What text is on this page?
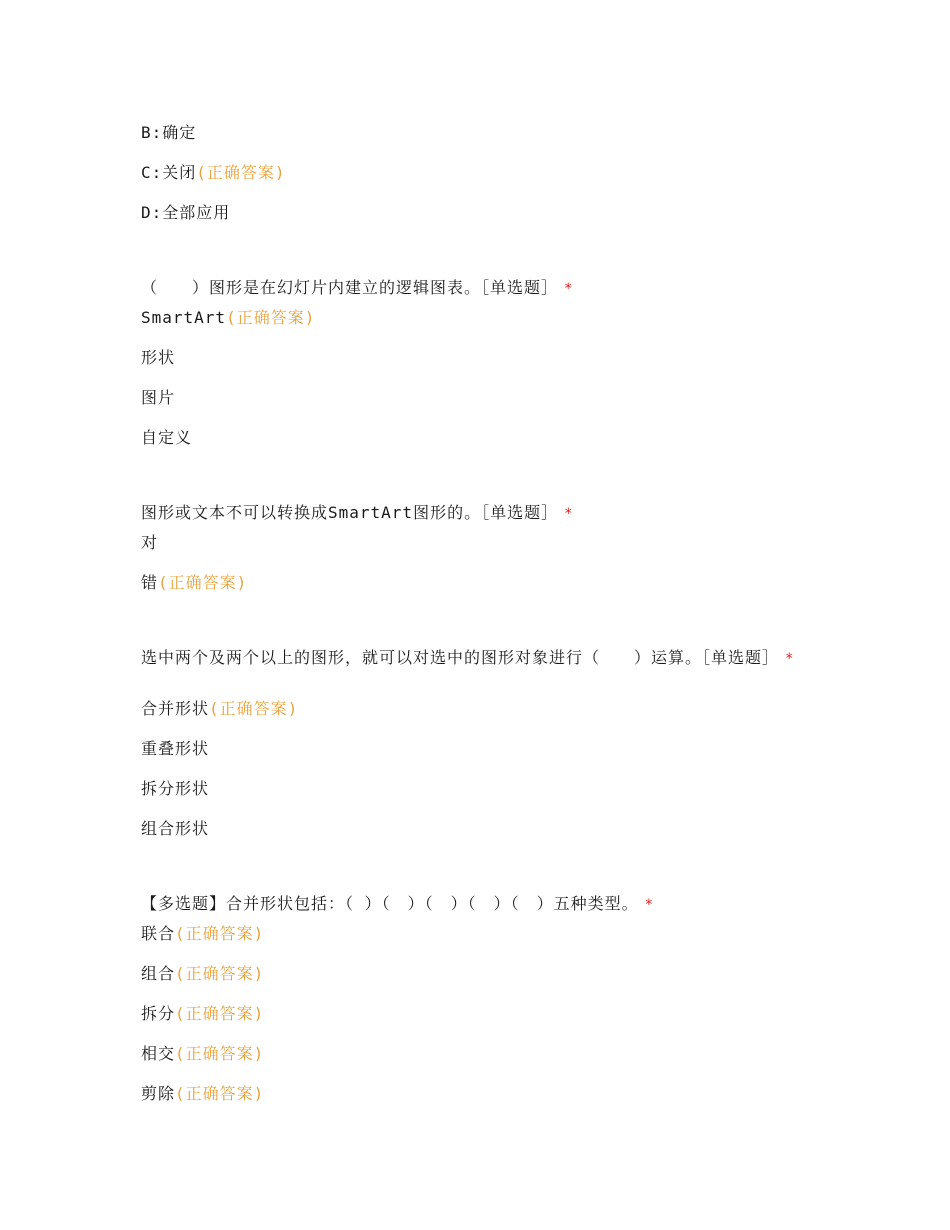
B:确定
C:关闭(正确答案)
D:全部应用
（　　）图形是在幻灯片内建立的逻辑图表。［单选题］ *
SmartArt(正确答案)
形状
图片
自定义
图形或文本不可以转换成SmartArt图形的。［单选题］ *
对
错(正确答案)
选中两个及两个以上的图形，就可以对选中的图形对象进行（　　）运算。［单选题］ *
合并形状(正确答案)
重叠形状
拆分形状
组合形状
【多选题】合并形状包括：（ ）（　）（　）（　）（　）五种类型。 *
联合(正确答案)
组合(正确答案)
拆分(正确答案)
相交(正确答案)
剪除(正确答案)
